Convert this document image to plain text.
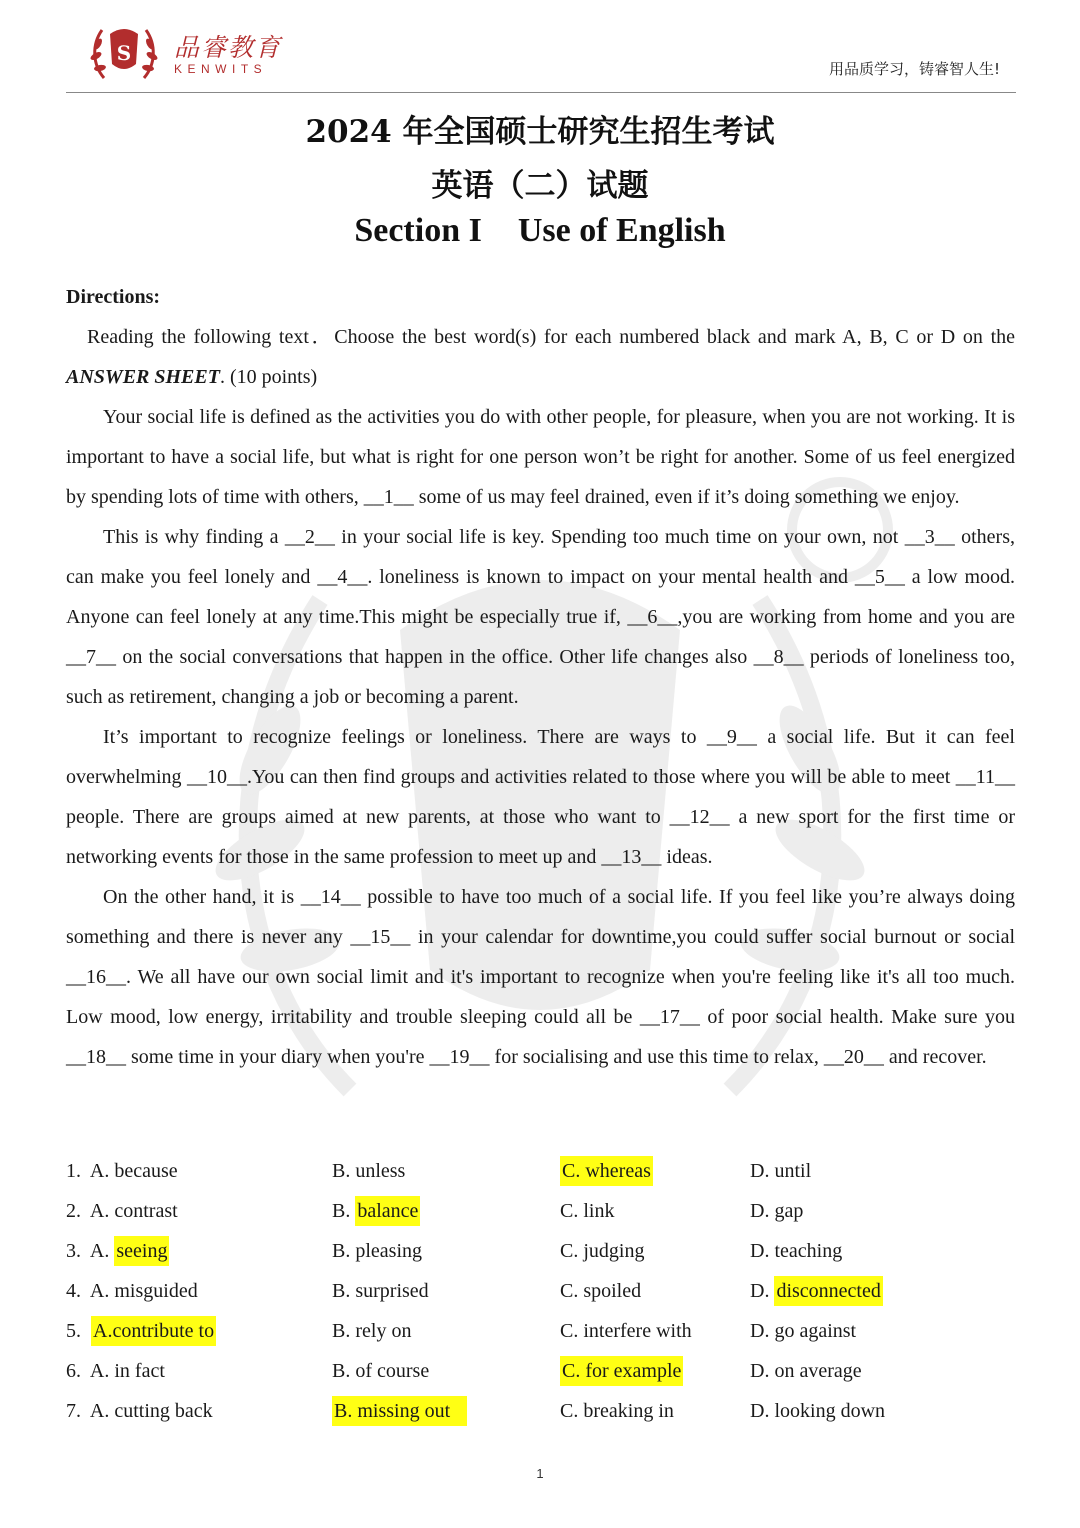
S 品睿教育
KENWITS	用品质学习，铸睿智人生!
2024 年全国硕士研究生招生考试
英语（二）试题
Section I Use of English

Directions:

Reading the following text．Choose the best word(s) for each numbered black and mark A, B, C or D on the ANSWER SHEET. (10 points)

Your social life is defined as the activities you do with other people, for pleasure, when you are not working. It is important to have a social life, but what is right for one person won’t be right for another. Some of us feel energized by spending lots of time with others, __1__ some of us may feel drained, even if it’s doing something we enjoy.

This is why finding a __2__ in your social life is key. Spending too much time on your own, not __3__ others, can make you feel lonely and __4__. loneliness is known to impact on your mental health and __5__ a low mood. Anyone can feel lonely at any time.This might be especially true if, __6__,you are working from home and you are __7__ on the social conversations that happen in the office. Other life changes also __8__ periods of loneliness too, such as retirement, changing a job or becoming a parent.

It’s important to recognize feelings or loneliness. There are ways to __9__ a social life. But it can feel overwhelming __10__.You can then find groups and activities related to those where you will be able to meet __11__ people. There are groups aimed at new parents, at those who want to __12__ a new sport for the first time or networking events for those in the same profession to meet up and __13__ ideas.

On the other hand, it is __14__ possible to have too much of a social life. If you feel like you’re always doing something and there is never any __15__ in your calendar for downtime,you could suffer social burnout or social __16__. We all have our own social limit and it's important to recognize when you're feeling like it's all too much. Low mood, low energy, irritability and trouble sleeping could all be __17__ of poor social health. Make sure you __18__ some time in your diary when you're __19__ for socialising and use this time to relax, __20__ and recover.

1. A. because	B. unless	C. whereas	D. until
2. A. contrast	B. balance	C. link	D. gap
3. A. seeing	B. pleasing	C. judging	D. teaching
4. A. misguided	B. surprised	C. spoiled	D. disconnected
5. A.contribute to	B. rely on	C. interfere with	D. go against
6. A. in fact	B. of course	C. for example	D. on average
7. A. cutting back	B. missing out	C. breaking in	D. looking down
1
